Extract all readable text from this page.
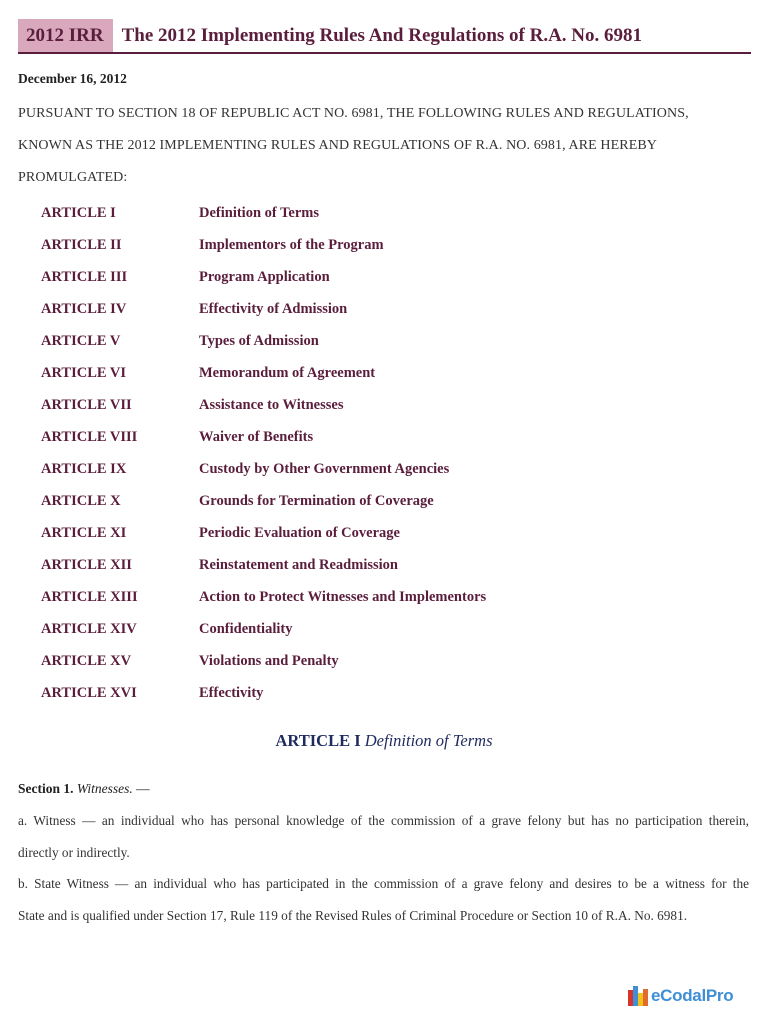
2012 IRR The 2012 Implementing Rules And Regulations of R.A. No. 6981
December 16, 2012
PURSUANT TO SECTION 18 OF REPUBLIC ACT NO. 6981, THE FOLLOWING RULES AND REGULATIONS,
KNOWN AS THE 2012 IMPLEMENTING RULES AND REGULATIONS OF R.A. NO. 6981, ARE HEREBY
PROMULGATED:
ARTICLE I	Definition of Terms
ARTICLE II	Implementors of the Program
ARTICLE III	Program Application
ARTICLE IV	Effectivity of Admission
ARTICLE V	Types of Admission
ARTICLE VI	Memorandum of Agreement
ARTICLE VII	Assistance to Witnesses
ARTICLE VIII	Waiver of Benefits
ARTICLE IX	Custody by Other Government Agencies
ARTICLE X	Grounds for Termination of Coverage
ARTICLE XI	Periodic Evaluation of Coverage
ARTICLE XII	Reinstatement and Readmission
ARTICLE XIII	Action to Protect Witnesses and Implementors
ARTICLE XIV	Confidentiality
ARTICLE XV	Violations and Penalty
ARTICLE XVI	Effectivity
ARTICLE I Definition of Terms
Section 1. Witnesses. —
a. Witness — an individual who has personal knowledge of the commission of a grave felony but has no participation therein,
directly or indirectly.
b. State Witness — an individual who has participated in the commission of a grave felony and desires to be a witness for the
State and is qualified under Section 17, Rule 119 of the Revised Rules of Criminal Procedure or Section 10 of R.A. No. 6981.
eCodalPro
